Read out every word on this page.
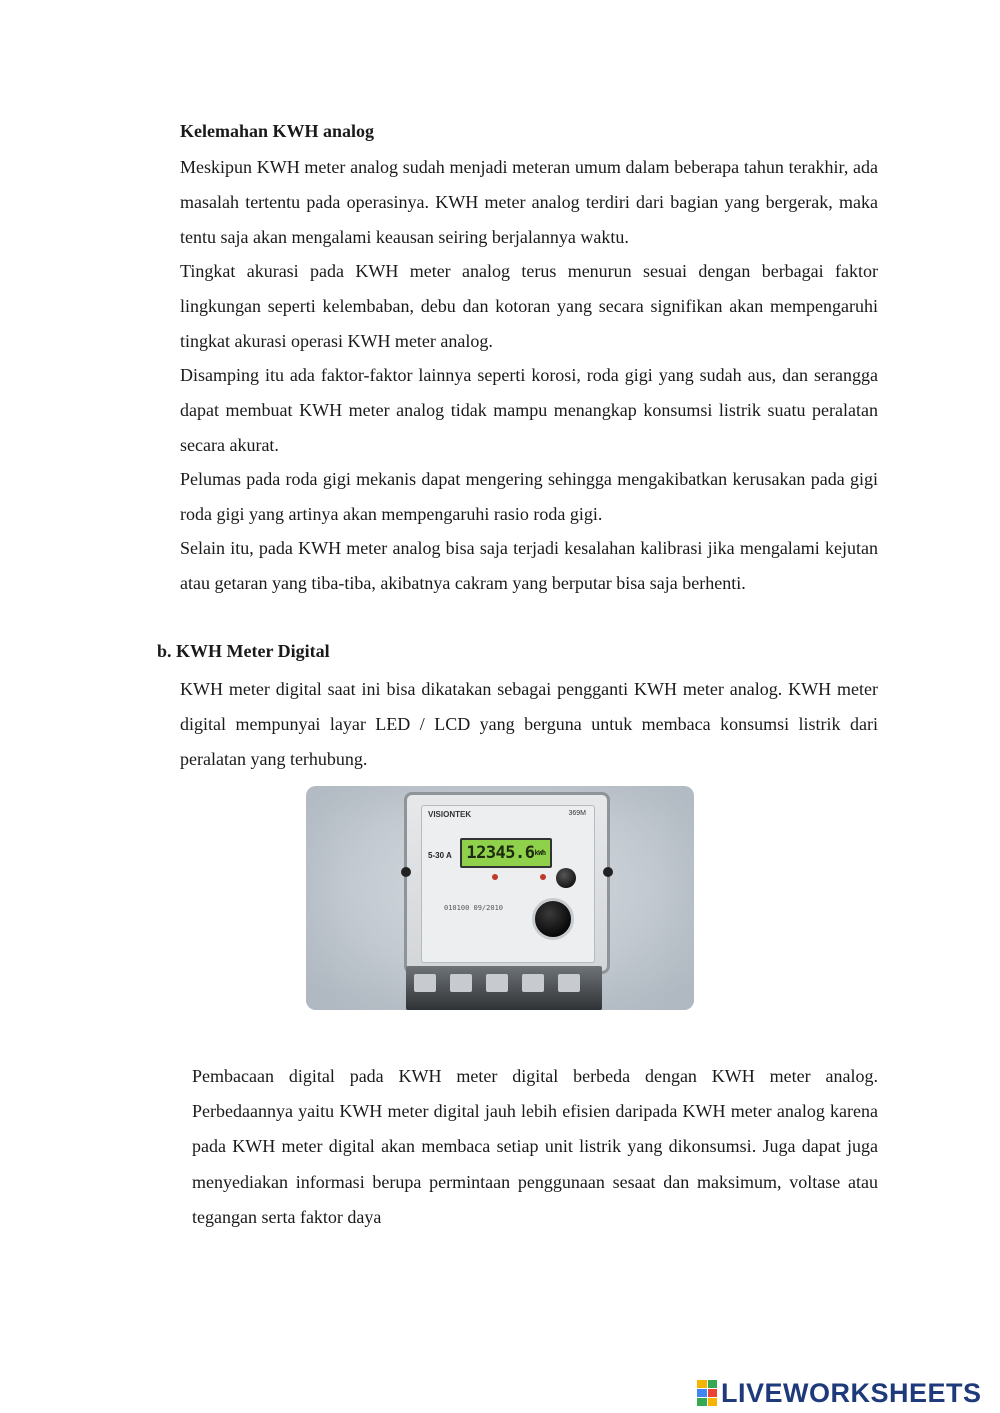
Kelemahan KWH analog

Meskipun KWH meter analog sudah menjadi meteran umum dalam beberapa tahun terakhir, ada masalah tertentu pada operasinya. KWH meter analog terdiri dari bagian yang bergerak, maka tentu saja akan mengalami keausan seiring berjalannya waktu.

Tingkat akurasi pada KWH meter analog terus menurun sesuai dengan berbagai faktor lingkungan seperti kelembaban, debu dan kotoran yang secara signifikan akan mempengaruhi tingkat akurasi operasi KWH meter analog.

Disamping itu ada faktor-faktor lainnya seperti korosi, roda gigi yang sudah aus, dan serangga dapat membuat KWH meter analog tidak mampu menangkap konsumsi listrik suatu peralatan secara akurat.

Pelumas pada roda gigi mekanis dapat mengering sehingga mengakibatkan kerusakan pada gigi roda gigi yang artinya akan mempengaruhi rasio roda gigi.

Selain itu, pada KWH meter analog bisa saja terjadi kesalahan kalibrasi jika mengalami kejutan atau getaran yang tiba-tiba, akibatnya cakram yang berputar bisa saja berhenti.

b. KWH Meter Digital

KWH meter digital saat ini bisa dikatakan sebagai pengganti KWH meter analog. KWH meter digital mempunyai layar LED / LCD yang berguna untuk membaca konsumsi listrik dari peralatan yang terhubung.

VISIONTEK	369M
12345.6kWh
5-30 A
010100 09/2010

Pembacaan digital pada KWH meter digital berbeda dengan KWH meter analog. Perbedaannya yaitu KWH meter digital jauh lebih efisien daripada KWH meter analog karena pada KWH meter digital akan membaca setiap unit listrik yang dikonsumsi. Juga dapat juga menyediakan informasi berupa permintaan penggunaan sesaat dan maksimum, voltase atau tegangan serta faktor daya

LIVEWORKSHEETS
